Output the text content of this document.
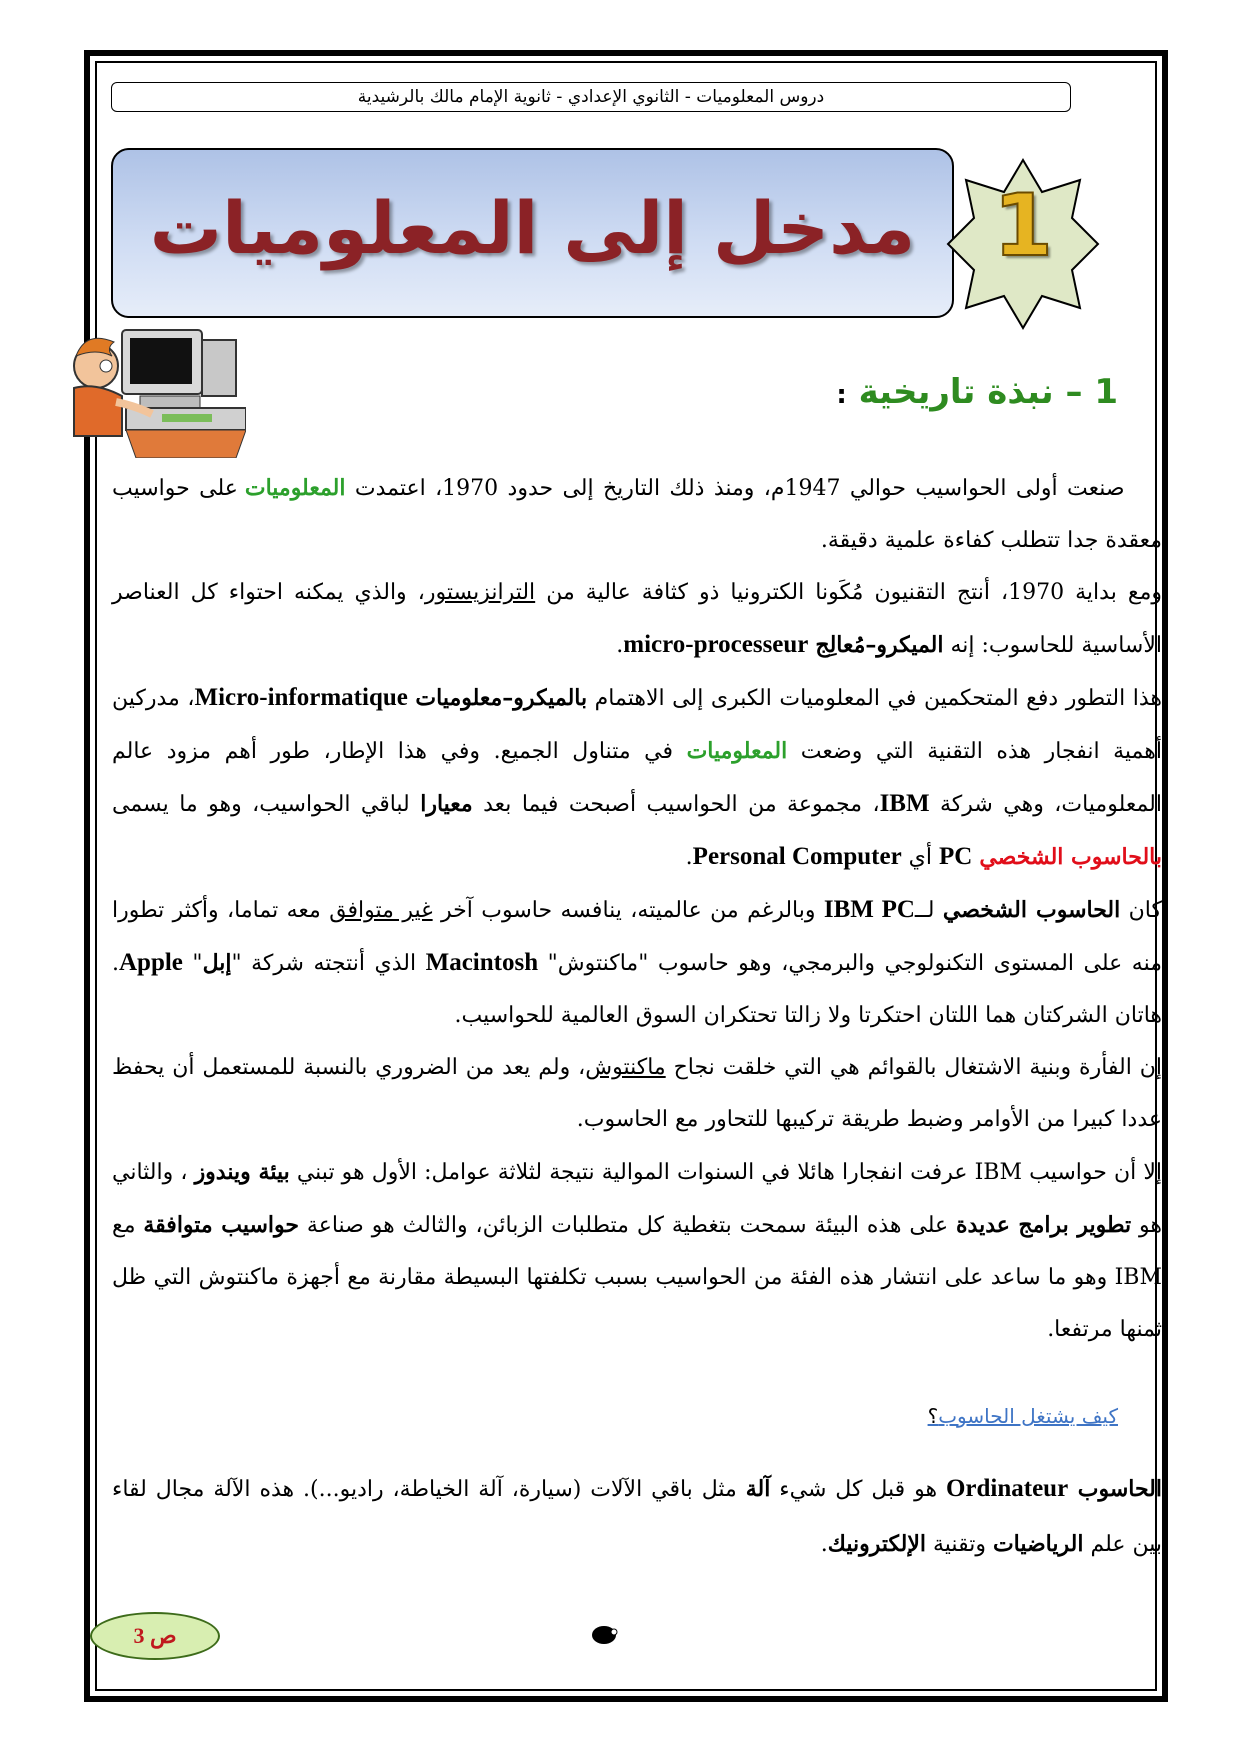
دروس المعلوميات - الثانوي الإعدادي - ثانوية الإمام مالك بالرشيدية
مدخل إلى المعلوميات 1
1 – نبذة تاريخية :

صنعت أولى الحواسيب حوالي 1947م، ومنذ ذلك التاريخ إلى حدود 1970، اعتمدت المعلوميات على حواسيب معقدة جدا تتطلب كفاءة علمية دقيقة.

ومع بداية 1970، أنتج التقنيون مُكَونا الكترونيا ذو كثافة عالية من الترانزيستور، والذي يمكنه احتواء كل العناصر الأساسية للحاسوب: إنه الميكرو–مُعالِج micro-processeur.

هذا التطور دفع المتحكمين في المعلوميات الكبرى إلى الاهتمام بالميكرو–معلوميات Micro-informatique، مدركين أهمية انفجار هذه التقنية التي وضعت المعلوميات في متناول الجميع. وفي هذا الإطار، طور أهم مزود عالم المعلوميات، وهي شركة IBM، مجموعة من الحواسيب أصبحت فيما بعد معيارا لباقي الحواسيب، وهو ما يسمى بالحاسوب الشخصي PC أي Personal Computer.

كان الحاسوب الشخصي لــIBM PC وبالرغم من عالميته، ينافسه حاسوب آخر غير متوافق معه تماما، وأكثر تطورا منه على المستوى التكنولوجي والبرمجي، وهو حاسوب "ماكنتوش" Macintosh الذي أنتجته شركة "إبل" Apple. هاتان الشركتان هما اللتان احتكرتا ولا زالتا تحتكران السوق العالمية للحواسيب.

إن الفأرة وبنية الاشتغال بالقوائم هي التي خلقت نجاح ماكنتوش، ولم يعد من الضروري بالنسبة للمستعمل أن يحفظ عددا كبيرا من الأوامر وضبط طريقة تركيبها للتحاور مع الحاسوب.

إلا أن حواسيب IBM عرفت انفجارا هائلا في السنوات الموالية نتيجة لثلاثة عوامل: الأول هو تبني بيئة ويندوز ، والثاني هو تطوير برامج عديدة على هذه البيئة سمحت بتغطية كل متطلبات الزبائن، والثالث هو صناعة حواسيب متوافقة مع IBM وهو ما ساعد على انتشار هذه الفئة من الحواسيب بسبب تكلفتها البسيطة مقارنة مع أجهزة ماكنتوش التي ظل ثمنها مرتفعا.

كيف يشتغل الحاسوب؟

الحاسوب Ordinateur هو قبل كل شيء آلة مثل باقي الآلات (سيارة، آلة الخياطة، راديو...). هذه الآلة مجال لقاء بين علم الرياضيات وتقنية الإلكترونيك.

ص 3
